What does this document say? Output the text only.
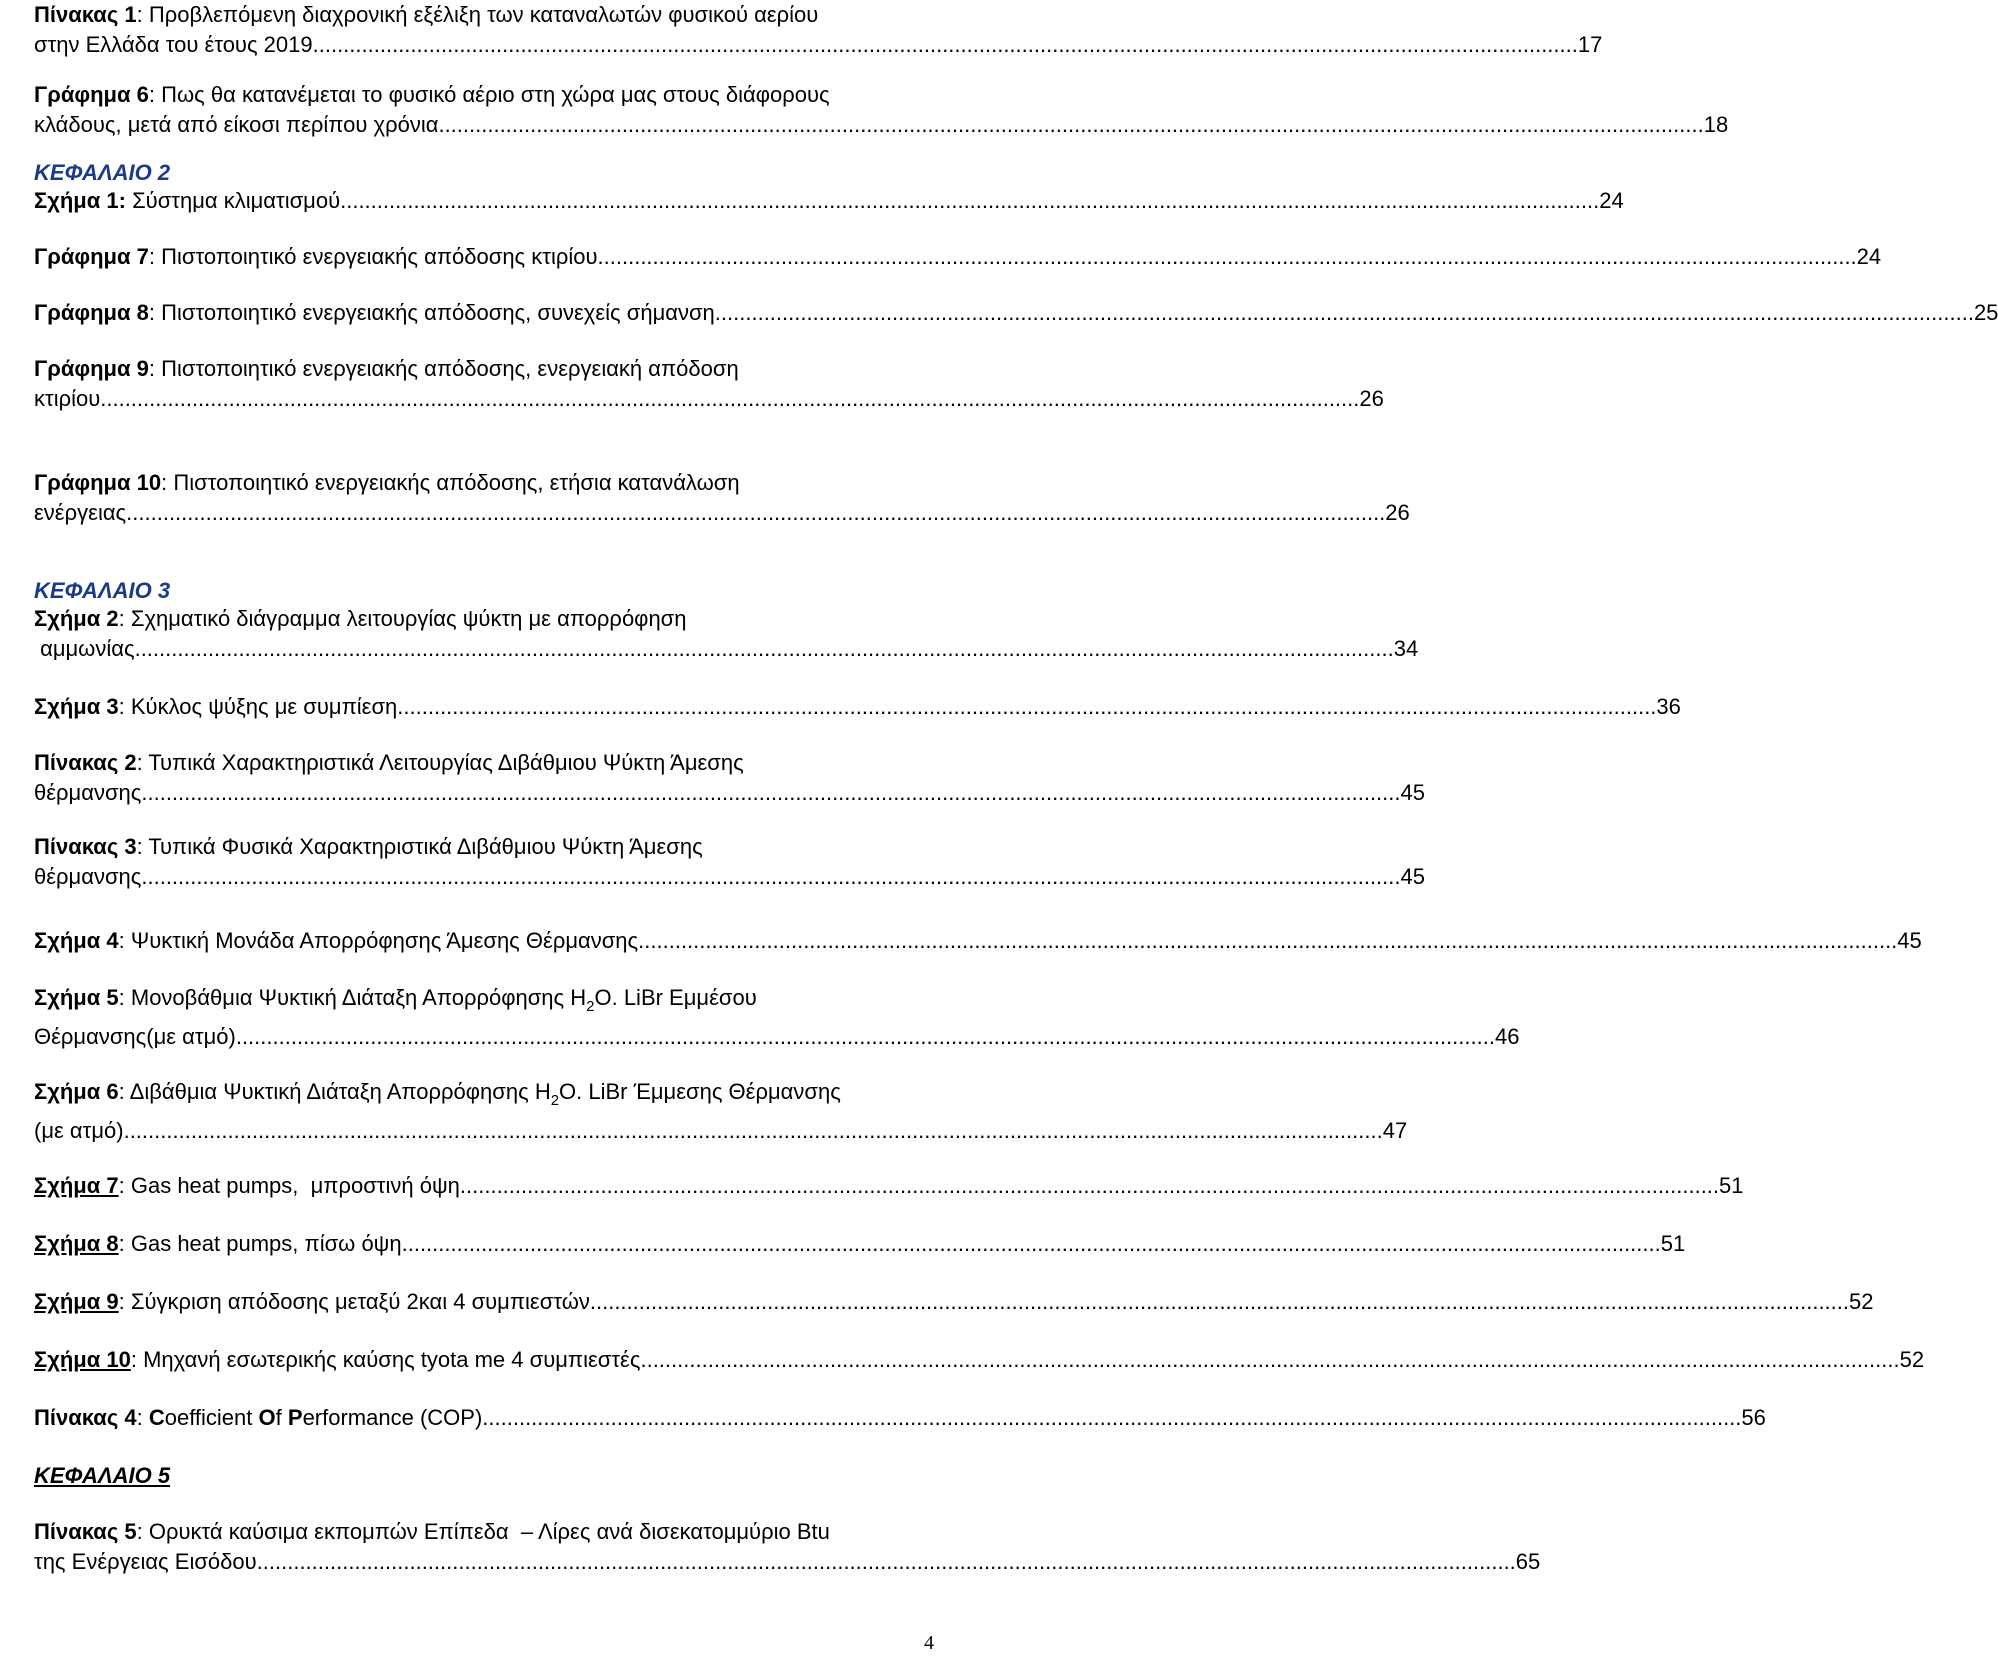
Πίνακας 1: Προβλεπόμενη διαχρονική εξέλιξη των καταναλωτών φυσικού αερίου
στην Ελλάδα του έτους 2019. .............................................................................................................................................................................................................. 17
Γράφημα 6: Πως θα κατανέμεται το φυσικό αέριο στη χώρα μας στους διάφορους
κλάδους, μετά από είκοσι περίπου χρόνια. .............................................................................................................................................................................................................. 18
ΚΕΦΑΛΑΙΟ 2
Σχήμα 1: Σύστημα κλιματισμού .............................................................................................................................................................................................................. 24
Γράφημα 7: Πιστοποιητικό ενεργειακής απόδοσης κτιρίου .............................................................................................................................................................................................................. 24
Γράφημα 8: Πιστοποιητικό ενεργειακής απόδοσης, συνεχείς σήμανση .............................................................................................................................................................................................................. 25
Γράφημα 9: Πιστοποιητικό ενεργειακής απόδοσης, ενεργειακή απόδοση
κτιρίου .............................................................................................................................................................................................................. 26
Γράφημα 10: Πιστοποιητικό ενεργειακής απόδοσης, ετήσια κατανάλωση
ενέργειας .............................................................................................................................................................................................................. 26
ΚΕΦΑΛΑΙΟ 3
Σχήμα 2: Σχηματικό διάγραμμα λειτουργίας ψύκτη με απορρόφηση
αμμωνίας .............................................................................................................................................................................................................. 34
Σχήμα 3: Κύκλος ψύξης με συμπίεση .............................................................................................................................................................................................................. 36
Πίνακας 2: Τυπικά Χαρακτηριστικά Λειτουργίας Διβάθμιου Ψύκτη Άμεσης
θέρμανσης .............................................................................................................................................................................................................. 45
Πίνακας 3: Τυπικά Φυσικά Χαρακτηριστικά Διβάθμιου Ψύκτη Άμεσης
θέρμανσης .............................................................................................................................................................................................................. 45
Σχήμα 4: Ψυκτική Μονάδα Απορρόφησης Άμεσης Θέρμανσης .............................................................................................................................................................................................................. 45
Σχήμα 5: Μονοβάθμια Ψυκτική Διάταξη Απορρόφησης $H_2O$. LiBr Εμμέσου
Θέρμανσης(με ατμό) .............................................................................................................................................................................................................. 46
Σχήμα 6: Διβάθμια Ψυκτική Διάταξη Απορρόφησης $H_2O$. LiBr Έμμεσης Θέρμανσης
(με ατμό) .............................................................................................................................................................................................................. 47
Σχήμα 7: Gas heat pumps,  μπροστινή όψη .............................................................................................................................................................................................................. 51
Σχήμα 8: Gas heat pumps, πίσω όψη .............................................................................................................................................................................................................. 51
Σχήμα 9: Σύγκριση απόδοσης μεταξύ 2και 4 συμπιεστών .............................................................................................................................................................................................................. 52
Σχήμα 10: Μηχανή εσωτερικής καύσης tyota me 4 συμπιεστές .............................................................................................................................................................................................................. 52
Πίνακας 4: Coefficient Of Performance (COP) .............................................................................................................................................................................................................. 56
ΚΕΦΑΛΑΙΟ 5
Πίνακας 5: Ορυκτά καύσιμα εκπομπών Επίπεδα  – Λίρες ανά δισεκατομμύριο Btu
της Ενέργειας Εισόδου .............................................................................................................................................................................................................. 65
4
